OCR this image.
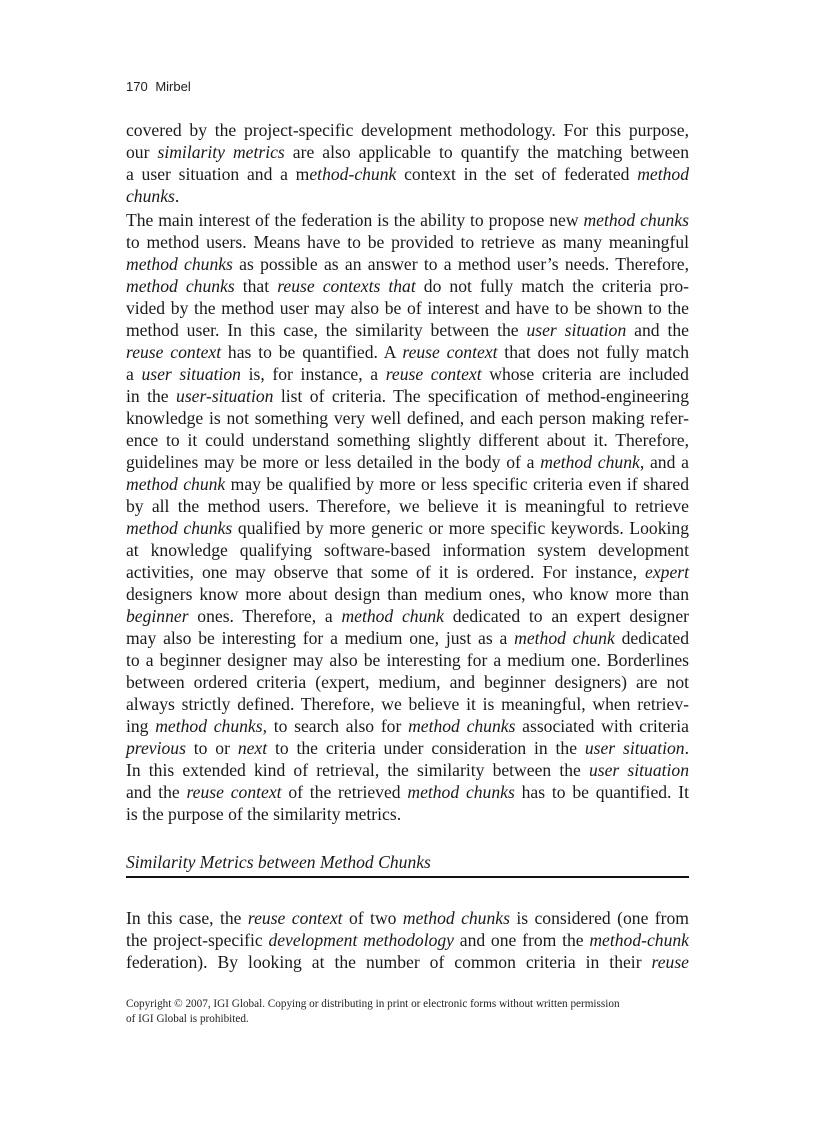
170 Mirbel
covered by the project-specific development methodology. For this purpose,
our similarity metrics are also applicable to quantify the matching between
a user situation and a method-chunk context in the set of federated method
chunks.
The main interest of the federation is the ability to propose new method chunks
to method users. Means have to be provided to retrieve as many meaningful
method chunks as possible as an answer to a method user’s needs. Therefore,
method chunks that reuse contexts that do not fully match the criteria pro-
vided by the method user may also be of interest and have to be shown to the
method user. In this case, the similarity between the user situation and the
reuse context has to be quantified. A reuse context that does not fully match
a user situation is, for instance, a reuse context whose criteria are included
in the user-situation list of criteria. The specification of method-engineering
knowledge is not something very well defined, and each person making refer-
ence to it could understand something slightly different about it. Therefore,
guidelines may be more or less detailed in the body of a method chunk, and a
method chunk may be qualified by more or less specific criteria even if shared
by all the method users. Therefore, we believe it is meaningful to retrieve
method chunks qualified by more generic or more specific keywords. Looking
at knowledge qualifying software-based information system development
activities, one may observe that some of it is ordered. For instance, expert
designers know more about design than medium ones, who know more than
beginner ones. Therefore, a method chunk dedicated to an expert designer
may also be interesting for a medium one, just as a method chunk dedicated
to a beginner designer may also be interesting for a medium one. Borderlines
between ordered criteria (expert, medium, and beginner designers) are not
always strictly defined. Therefore, we believe it is meaningful, when retriev-
ing method chunks, to search also for method chunks associated with criteria
previous to or next to the criteria under consideration in the user situation.
In this extended kind of retrieval, the similarity between the user situation
and the reuse context of the retrieved method chunks has to be quantified. It
is the purpose of the similarity metrics.
Similarity Metrics between Method Chunks
In this case, the reuse context of two method chunks is considered (one from
the project-specific development methodology and one from the method-chunk
federation). By looking at the number of common criteria in their reuse
Copyright © 2007, IGI Global. Copying or distributing in print or electronic forms without written permission
of IGI Global is prohibited.
